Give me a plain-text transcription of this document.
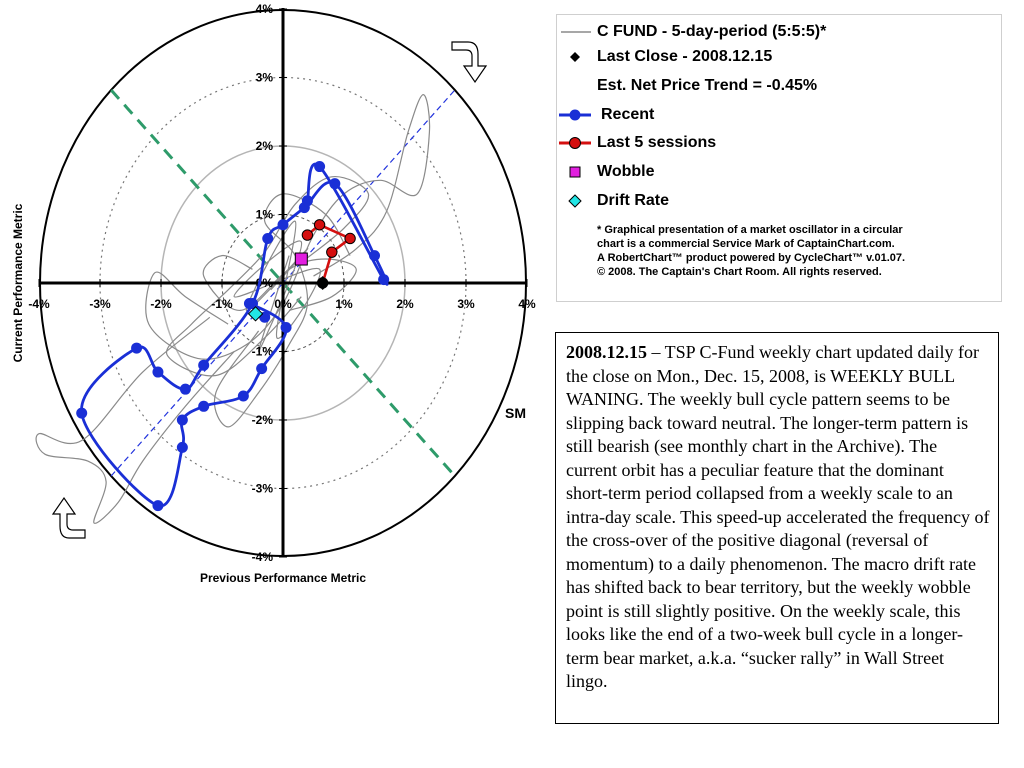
-4%	-3%	-2%	-1%	0%	1%	2%	3%	4%
4%
3%
2%
1%
0%
-1%
-2%
-3%
-4%
Current Performance Metric
Previous Performance Metric
SM
C FUND - 5-day-period (5:5:5)*
Last Close - 2008.12.15
Est. Net Price Trend = -0.45%
Recent
Last 5 sessions
Wobble
Drift Rate
* Graphical presentation of a market oscillator in a circular
chart is a commercial Service Mark of CaptainChart.com.
A RobertChart™ product powered by CycleChart™ v.01.07.
© 2008. The Captain's Chart Room. All rights reserved.
2008.12.15 – TSP C-Fund weekly chart updated daily for the close on Mon., Dec. 15, 2008, is WEEKLY BULL WANING. The weekly bull cycle pattern seems to be slipping back toward neutral. The longer-term pattern is still bearish (see monthly chart in the Archive). The current orbit has a peculiar feature that the dominant short-term period collapsed from a weekly scale to an intra-day scale. This speed-up accelerated the frequency of the cross-over of the positive diagonal (reversal of momentum) to a daily phenomenon. The macro drift rate has shifted back to bear territory, but the weekly wobble point is still slightly positive. On the weekly scale, this looks like the end of a two-week bull cycle in a longer-term bear market, a.k.a. “sucker rally” in Wall Street lingo.
